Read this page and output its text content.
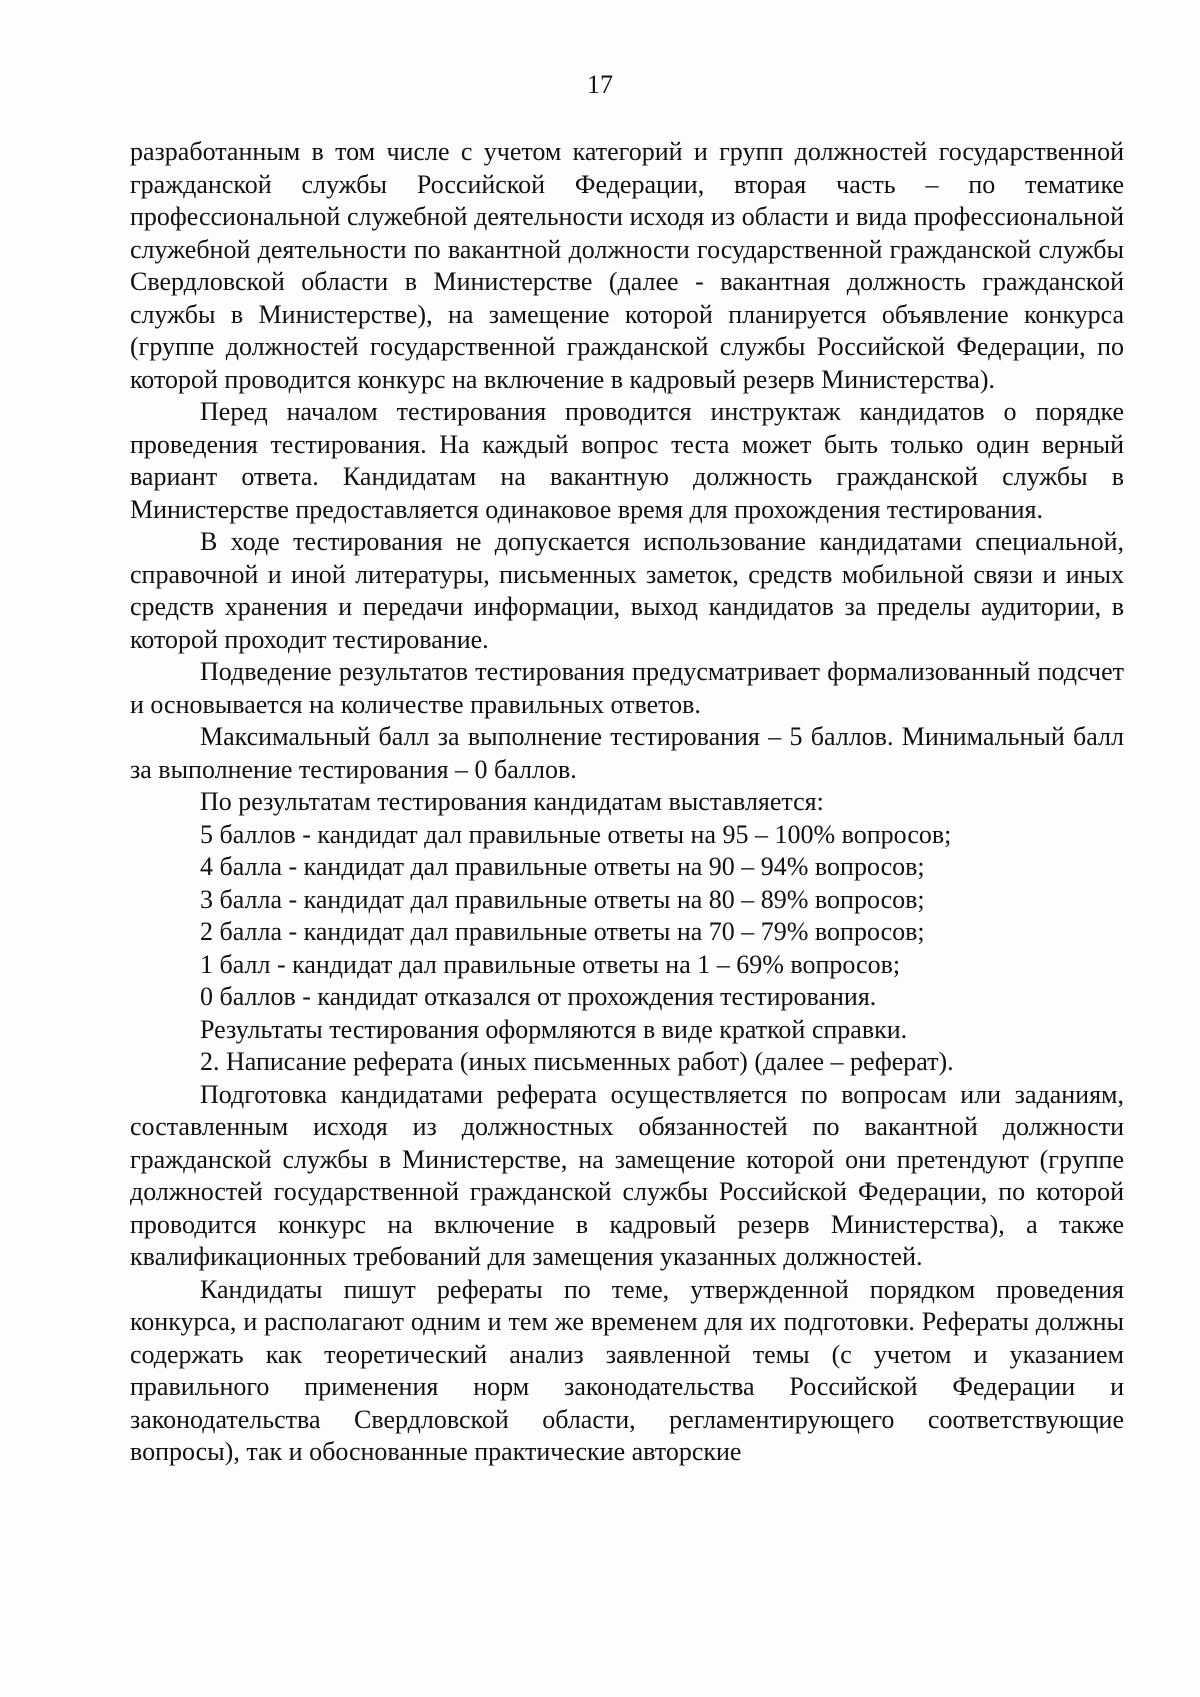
17

разработанным в том числе с учетом категорий и групп должностей государственной гражданской службы Российской Федерации, вторая часть – по тематике профессиональной служебной деятельности исходя из области и вида профессиональной служебной деятельности по вакантной должности государственной гражданской службы Свердловской области в Министерстве (далее - вакантная должность гражданской службы в Министерстве), на замещение которой планируется объявление конкурса (группе должностей государственной гражданской службы Российской Федерации, по которой проводится конкурс на включение в кадровый резерв Министерства).

Перед началом тестирования проводится инструктаж кандидатов о порядке проведения тестирования. На каждый вопрос теста может быть только один верный вариант ответа. Кандидатам на вакантную должность гражданской службы в Министерстве предоставляется одинаковое время для прохождения тестирования.

В ходе тестирования не допускается использование кандидатами специальной, справочной и иной литературы, письменных заметок, средств мобильной связи и иных средств хранения и передачи информации, выход кандидатов за пределы аудитории, в которой проходит тестирование.

Подведение результатов тестирования предусматривает формализованный подсчет и основывается на количестве правильных ответов.

Максимальный балл за выполнение тестирования – 5 баллов. Минимальный балл за выполнение тестирования – 0 баллов.

По результатам тестирования кандидатам выставляется:

5 баллов - кандидат дал правильные ответы на 95 – 100% вопросов;

4 балла - кандидат дал правильные ответы на 90 – 94% вопросов;

3 балла - кандидат дал правильные ответы на 80 – 89% вопросов;

2 балла - кандидат дал правильные ответы на 70 – 79% вопросов;

1 балл - кандидат дал правильные ответы на 1 – 69% вопросов;

0 баллов - кандидат отказался от прохождения тестирования.

Результаты тестирования оформляются в виде краткой справки.

2. Написание реферата (иных письменных работ) (далее – реферат).

Подготовка кандидатами реферата осуществляется по вопросам или заданиям, составленным исходя из должностных обязанностей по вакантной должности гражданской службы в Министерстве, на замещение которой они претендуют (группе должностей государственной гражданской службы Российской Федерации, по которой проводится конкурс на включение в кадровый резерв Министерства), а также квалификационных требований для замещения указанных должностей.

Кандидаты пишут рефераты по теме, утвержденной порядком проведения конкурса, и располагают одним и тем же временем для их подготовки. Рефераты должны содержать как теоретический анализ заявленной темы (с учетом и указанием правильного применения норм законодательства Российской Федерации и законодательства Свердловской области, регламентирующего соответствующие вопросы), так и обоснованные практические авторские
